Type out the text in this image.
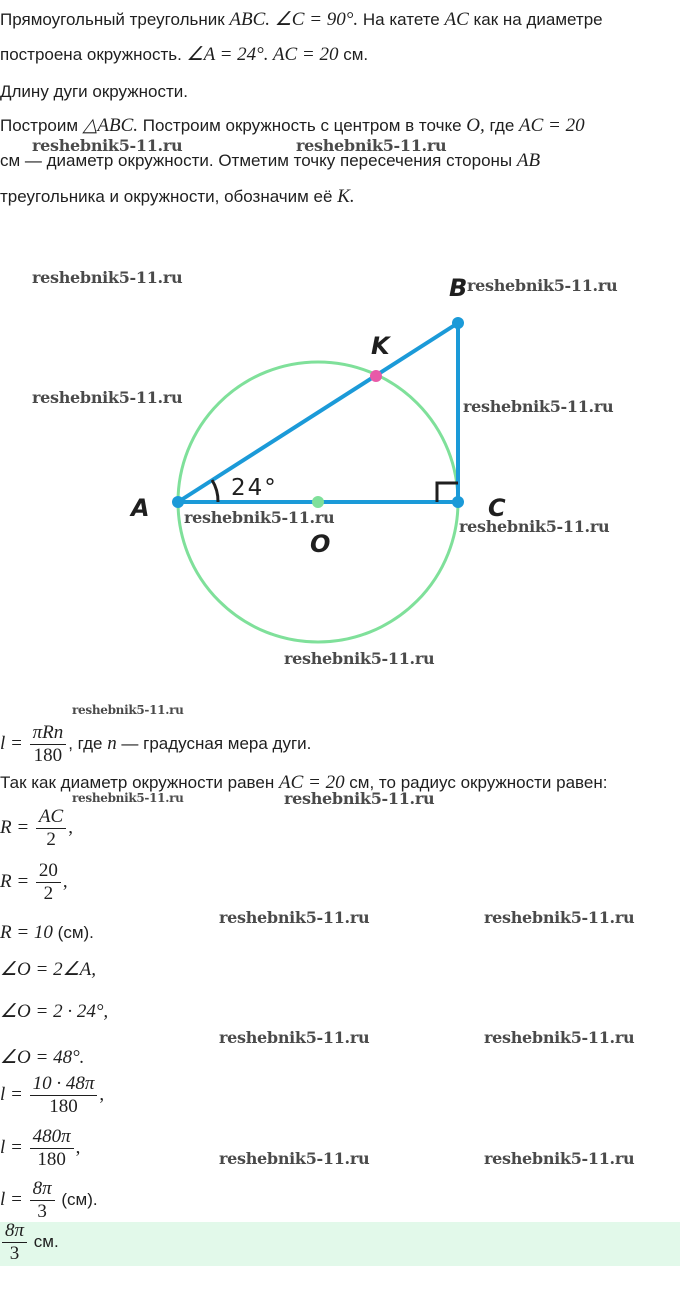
Прямоугольный треугольник ABC. ∠C = 90°. На катете AC как на диаметре
построена окружность. ∠A = 24°. AC = 20 см.
Длину дуги окружности.
Построим △ABC. Построим окружность с центром в точке O, где AC = 20
см — диаметр окружности. Отметим точку пересечения стороны AB
треугольника и окружности, обозначим её K.
A
B
C
K
O
24°
$l = \frac{\text{πRn}}{180}$ , где n — градусная мера дуги.
Так как диаметр окружности равен AC = 20 см, то радиус окружности равен:
$R = \frac{AC}{2}$ ,
$R = \frac{20}{2}$ ,
R = 10 (см).
∠O = 2∠A,
∠O = 2 · 24°,
∠O = 48°.
$l = \frac{10 \cdot 48\pi}{180}$ ,
$l = \frac{480\pi}{180}$ ,
$l = \frac{8\pi}{3} (см)$.
$\frac{8\pi}{3}$ см.
reshebnik5-11.ru	reshebnik5-11.ru
reshebnik5-11.ru	reshebnik5-11.ru
reshebnik5-11.ru	reshebnik5-11.ru
reshebnik5-11.ru
reshebnik5-11.ru	reshebnik5-11.ru
reshebnik5-11.ru
reshebnik5-11.ru	reshebnik5-11.ru
reshebnik5-11.ru	reshebnik5-11.ru
reshebnik5-11.ru	reshebnik5-11.ru
reshebnik5-11.ru	reshebnik5-11.ru
